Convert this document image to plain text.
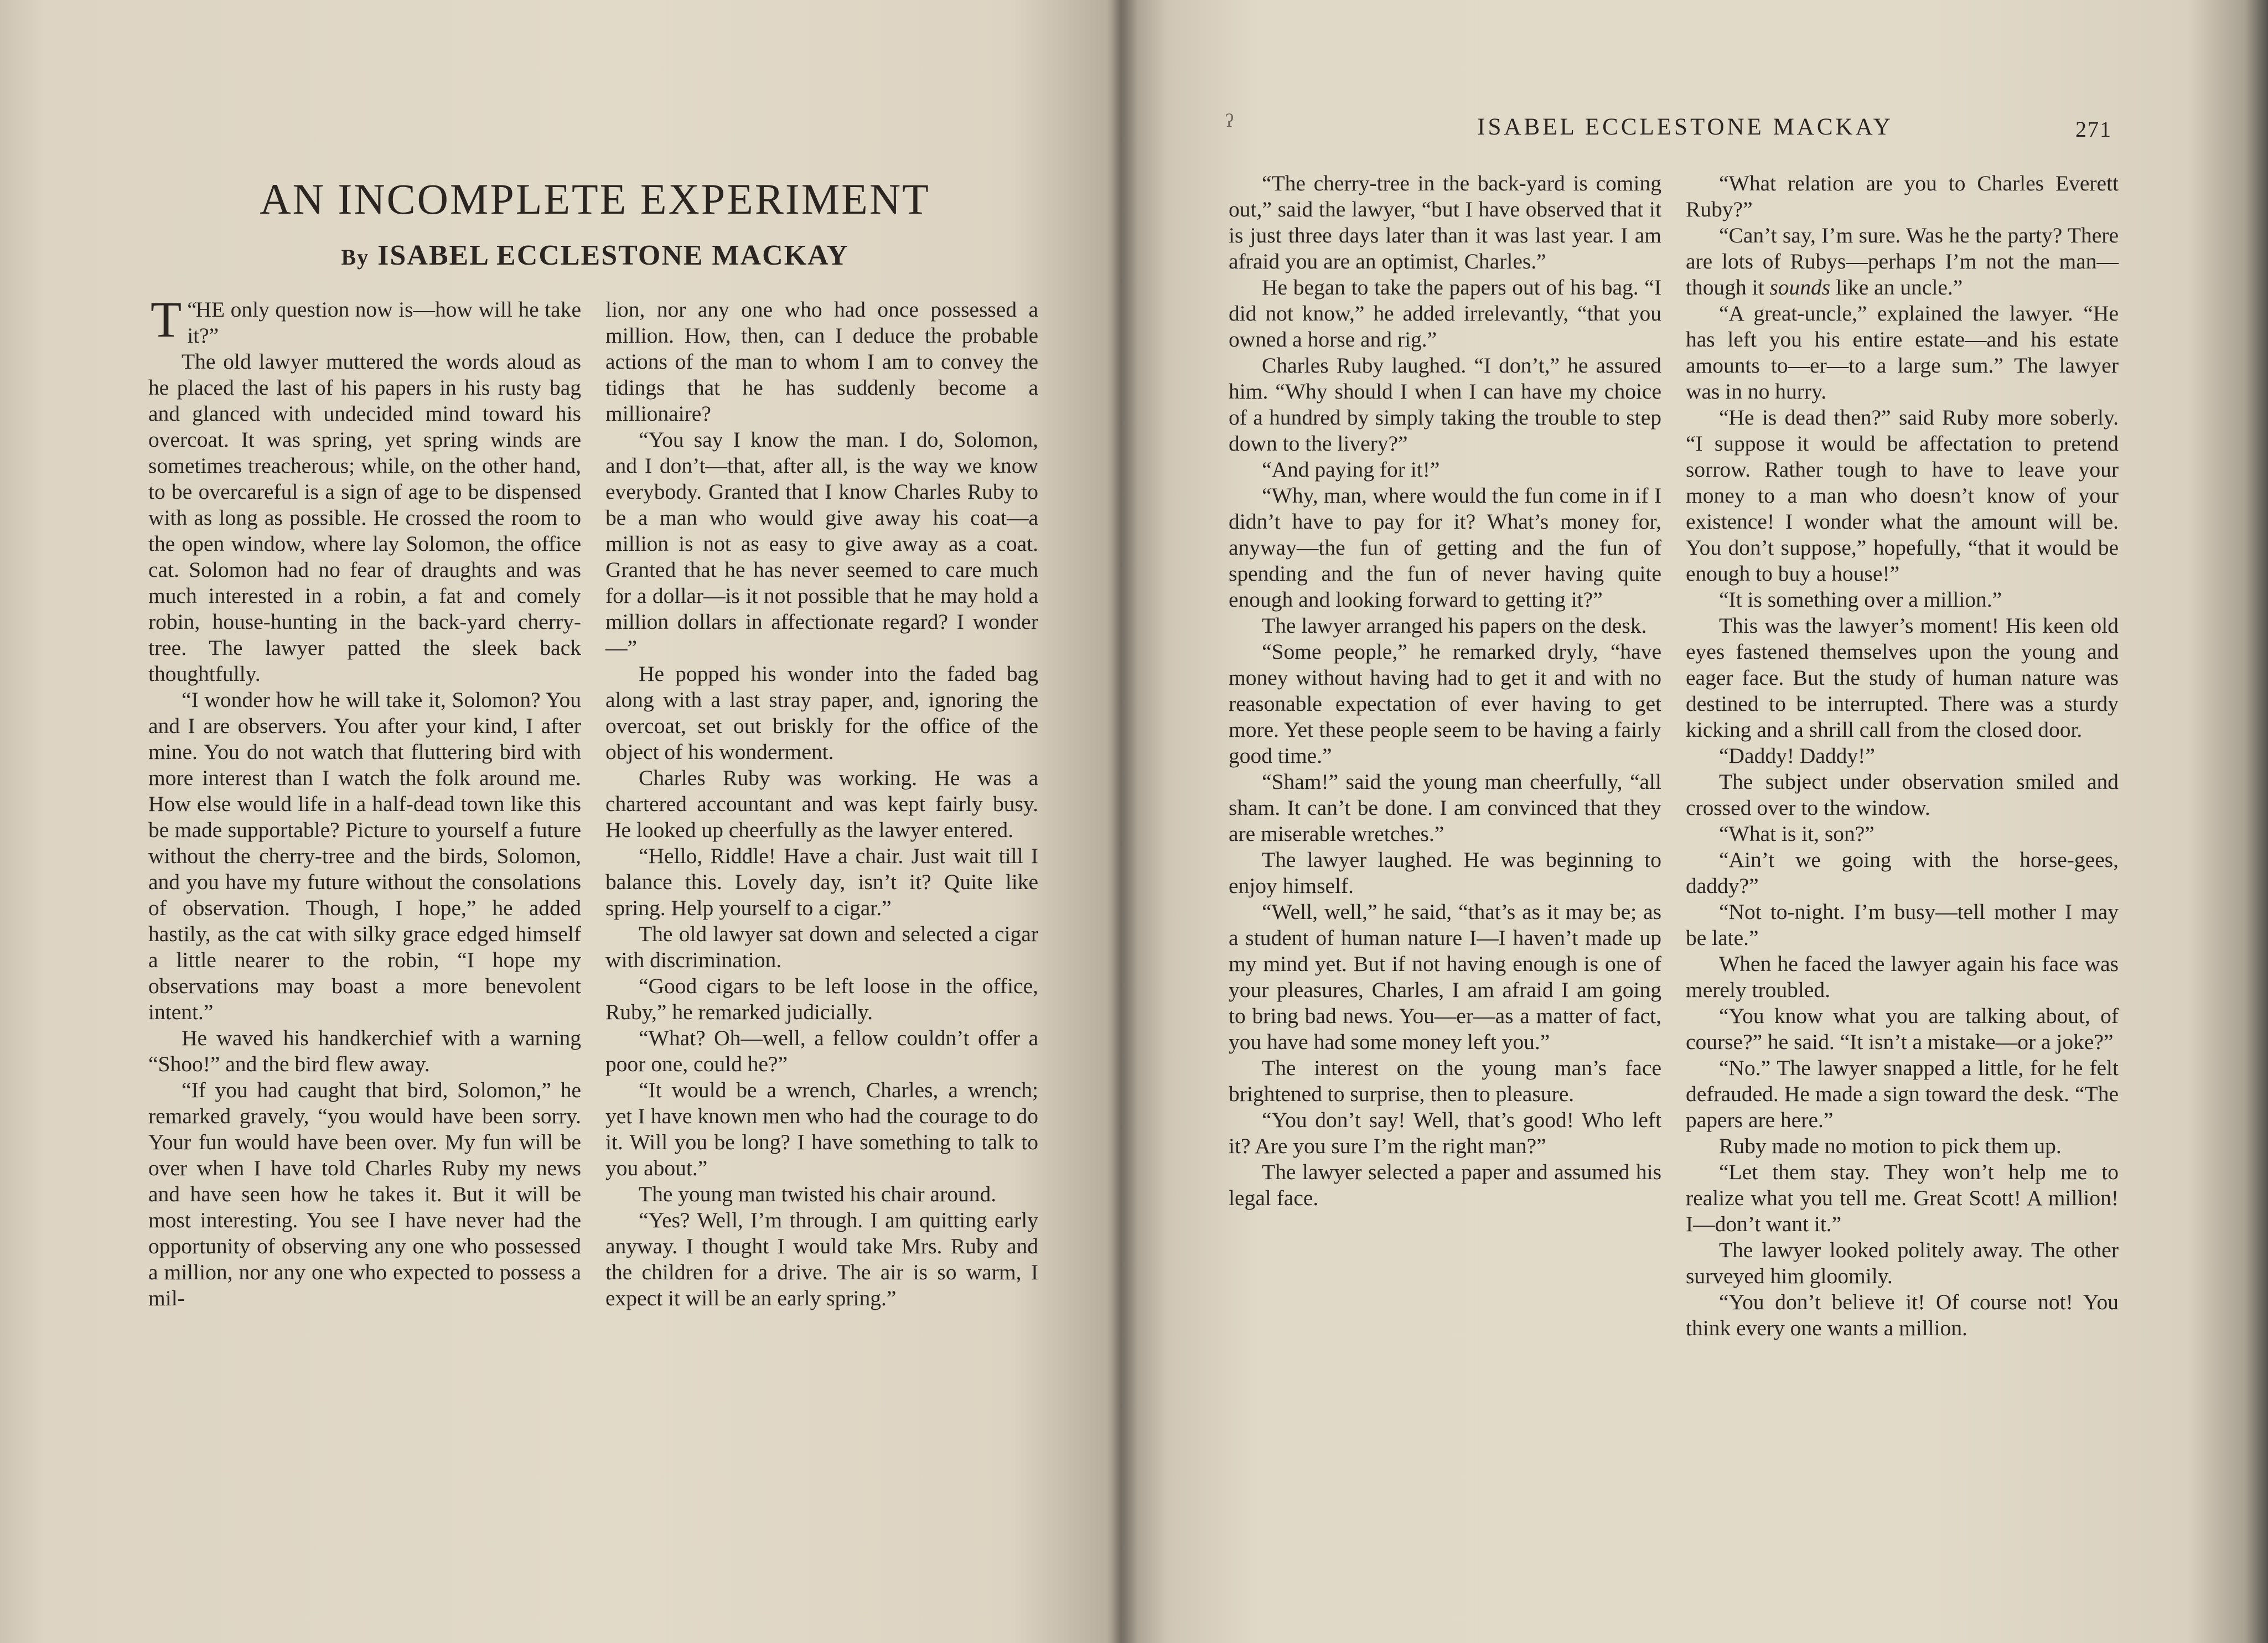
AN INCOMPLETE EXPERIMENT
By ISABEL ECCLESTONE MACKAY

“
T HE only question now is—how will he take it?”

The old lawyer muttered the words aloud as he placed the last of his papers in his rusty bag and glanced with undecided mind toward his overcoat. It was spring, yet spring winds are sometimes treacherous; while, on the other hand, to be overcareful is a sign of age to be dispensed with as long as possible. He crossed the room to the open window, where lay Solomon, the office cat. Solomon had no fear of draughts and was much interested in a robin, a fat and comely robin, house-hunting in the back-yard cherry-tree. The lawyer patted the sleek back thoughtfully.

“I wonder how he will take it, Solomon? You and I are observers. You after your kind, I after mine. You do not watch that fluttering bird with more interest than I watch the folk around me. How else would life in a half-dead town like this be made supportable? Picture to yourself a future without the cherry-tree and the birds, Solomon, and you have my future without the consolations of observation. Though, I hope,” he added hastily, as the cat with silky grace edged himself a little nearer to the robin, “I hope my observations may boast a more benevolent intent.”

He waved his handkerchief with a warning “Shoo!” and the bird flew away.

“If you had caught that bird, Solomon,” he remarked gravely, “you would have been sorry. Your fun would have been over. My fun will be over when I have told Charles Ruby my news and have seen how he takes it. But it will be most interesting. You see I have never had the opportunity of observing any one who possessed a million, nor any one who expected to possess a mil-

lion, nor any one who had once possessed a million. How, then, can I deduce the probable actions of the man to whom I am to convey the tidings that he has suddenly become a millionaire?

“You say I know the man. I do, Solomon, and I don’t—that, after all, is the way we know everybody. Granted that I know Charles Ruby to be a man who would give away his coat—a million is not as easy to give away as a coat. Granted that he has never seemed to care much for a dollar—is it not possible that he may hold a million dollars in affectionate regard? I wonder—”

He popped his wonder into the faded bag along with a last stray paper, and, ignoring the overcoat, set out briskly for the office of the object of his wonderment.

Charles Ruby was working. He was a chartered accountant and was kept fairly busy. He looked up cheerfully as the lawyer entered.

“Hello, Riddle! Have a chair. Just wait till I balance this. Lovely day, isn’t it? Quite like spring. Help yourself to a cigar.”

The old lawyer sat down and selected a cigar with discrimination.

“Good cigars to be left loose in the office, Ruby,” he remarked judicially.

“What? Oh—well, a fellow couldn’t offer a poor one, could he?”

“It would be a wrench, Charles, a wrench; yet I have known men who had the courage to do it. Will you be long? I have something to talk to you about.”

The young man twisted his chair around.

“Yes? Well, I’m through. I am quitting early anyway. I thought I would take Mrs. Ruby and the children for a drive. The air is so warm, I expect it will be an early spring.”

ʔ	ISABEL ECCLESTONE MACKAY	271

“The cherry-tree in the back-yard is coming out,” said the lawyer, “but I have observed that it is just three days later than it was last year. I am afraid you are an optimist, Charles.”

He began to take the papers out of his bag. “I did not know,” he added irrelevantly, “that you owned a horse and rig.”

Charles Ruby laughed. “I don’t,” he assured him. “Why should I when I can have my choice of a hundred by simply taking the trouble to step down to the livery?”

“And paying for it!”

“Why, man, where would the fun come in if I didn’t have to pay for it? What’s money for, anyway—the fun of getting and the fun of spending and the fun of never having quite enough and looking forward to getting it?”

The lawyer arranged his papers on the desk.

“Some people,” he remarked dryly, “have money without having had to get it and with no reasonable expectation of ever having to get more. Yet these people seem to be having a fairly good time.”

“Sham!” said the young man cheerfully, “all sham. It can’t be done. I am convinced that they are miserable wretches.”

The lawyer laughed. He was beginning to enjoy himself.

“Well, well,” he said, “that’s as it may be; as a student of human nature I—I haven’t made up my mind yet. But if not having enough is one of your pleasures, Charles, I am afraid I am going to bring bad news. You—er—as a matter of fact, you have had some money left you.”

The interest on the young man’s face brightened to surprise, then to pleasure.

“You don’t say! Well, that’s good! Who left it? Are you sure I’m the right man?”

The lawyer selected a paper and assumed his legal face.

“What relation are you to Charles Everett Ruby?”

“Can’t say, I’m sure. Was he the party? There are lots of Rubys—perhaps I’m not the man—though it sounds like an uncle.”

“A great-uncle,” explained the lawyer. “He has left you his entire estate—and his estate amounts to—er—to a large sum.” The lawyer was in no hurry.

“He is dead then?” said Ruby more soberly. “I suppose it would be affectation to pretend sorrow. Rather tough to have to leave your money to a man who doesn’t know of your existence! I wonder what the amount will be. You don’t suppose,” hopefully, “that it would be enough to buy a house!”

“It is something over a million.”

This was the lawyer’s moment! His keen old eyes fastened themselves upon the young and eager face. But the study of human nature was destined to be interrupted. There was a sturdy kicking and a shrill call from the closed door.

“Daddy! Daddy!”

The subject under observation smiled and crossed over to the window.

“What is it, son?”

“Ain’t we going with the horse-gees, daddy?”

“Not to-night. I’m busy—tell mother I may be late.”

When he faced the lawyer again his face was merely troubled.

“You know what you are talking about, of course?” he said. “It isn’t a mistake—or a joke?”

“No.” The lawyer snapped a little, for he felt defrauded. He made a sign toward the desk. “The papers are here.”

Ruby made no motion to pick them up.

“Let them stay. They won’t help me to realize what you tell me. Great Scott! A million! I—don’t want it.”

The lawyer looked politely away. The other surveyed him gloomily.

“You don’t believe it! Of course not! You think every one wants a million.
